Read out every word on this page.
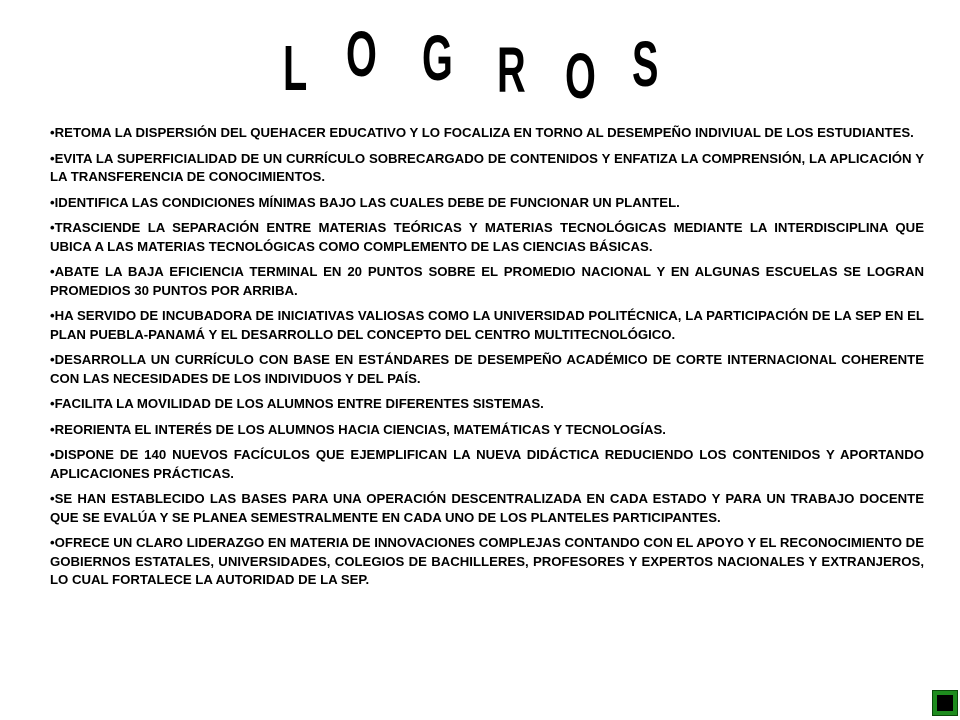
L O G R O S
•RETOMA LA DISPERSIÓN DEL QUEHACER EDUCATIVO Y LO FOCALIZA EN TORNO AL DESEMPEÑO INDIVIUAL DE LOS ESTUDIANTES.
•EVITA LA SUPERFICIALIDAD DE UN CURRÍCULO SOBRECARGADO DE CONTENIDOS Y ENFATIZA LA COMPRENSIÓN, LA APLICACIÓN Y LA TRANSFERENCIA DE CONOCIMIENTOS.
•IDENTIFICA LAS CONDICIONES MÍNIMAS BAJO LAS CUALES DEBE DE FUNCIONAR UN PLANTEL.
•TRASCIENDE LA SEPARACIÓN ENTRE MATERIAS TEÓRICAS Y MATERIAS TECNOLÓGICAS MEDIANTE LA INTERDISCIPLINA QUE UBICA A LAS MATERIAS TECNOLÓGICAS COMO COMPLEMENTO DE LAS CIENCIAS BÁSICAS.
•ABATE LA BAJA EFICIENCIA TERMINAL EN 20 PUNTOS SOBRE EL PROMEDIO NACIONAL Y EN ALGUNAS ESCUELAS SE LOGRAN PROMEDIOS 30 PUNTOS POR ARRIBA.
•HA SERVIDO DE INCUBADORA DE INICIATIVAS VALIOSAS COMO LA UNIVERSIDAD POLITÉCNICA, LA PARTICIPACIÓN DE LA SEP EN EL PLAN PUEBLA-PANAMÁ Y EL DESARROLLO DEL CONCEPTO DEL CENTRO MULTITECNOLÓGICO.
•DESARROLLA UN CURRÍCULO CON BASE EN ESTÁNDARES DE DESEMPEÑO ACADÉMICO DE CORTE INTERNACIONAL COHERENTE CON LAS NECESIDADES DE LOS INDIVIDUOS Y DEL PAÍS.
•FACILITA LA MOVILIDAD DE LOS ALUMNOS ENTRE DIFERENTES SISTEMAS.
•REORIENTA EL INTERÉS DE LOS ALUMNOS HACIA CIENCIAS, MATEMÁTICAS Y TECNOLOGÍAS.
•DISPONE DE 140 NUEVOS FACÍCULOS QUE EJEMPLIFICAN LA NUEVA DIDÁCTICA REDUCIENDO LOS CONTENIDOS Y APORTANDO APLICACIONES PRÁCTICAS.
•SE HAN ESTABLECIDO LAS BASES PARA UNA OPERACIÓN DESCENTRALIZADA EN CADA ESTADO Y PARA UN TRABAJO DOCENTE QUE SE EVALÚA Y SE PLANEA SEMESTRALMENTE EN CADA UNO DE LOS PLANTELES PARTICIPANTES.
•OFRECE UN CLARO LIDERAZGO EN MATERIA DE INNOVACIONES COMPLEJAS CONTANDO CON EL APOYO Y EL RECONOCIMIENTO DE GOBIERNOS ESTATALES, UNIVERSIDADES, COLEGIOS DE BACHILLERES, PROFESORES Y EXPERTOS NACIONALES Y EXTRANJEROS, LO CUAL FORTALECE LA AUTORIDAD DE LA SEP.
